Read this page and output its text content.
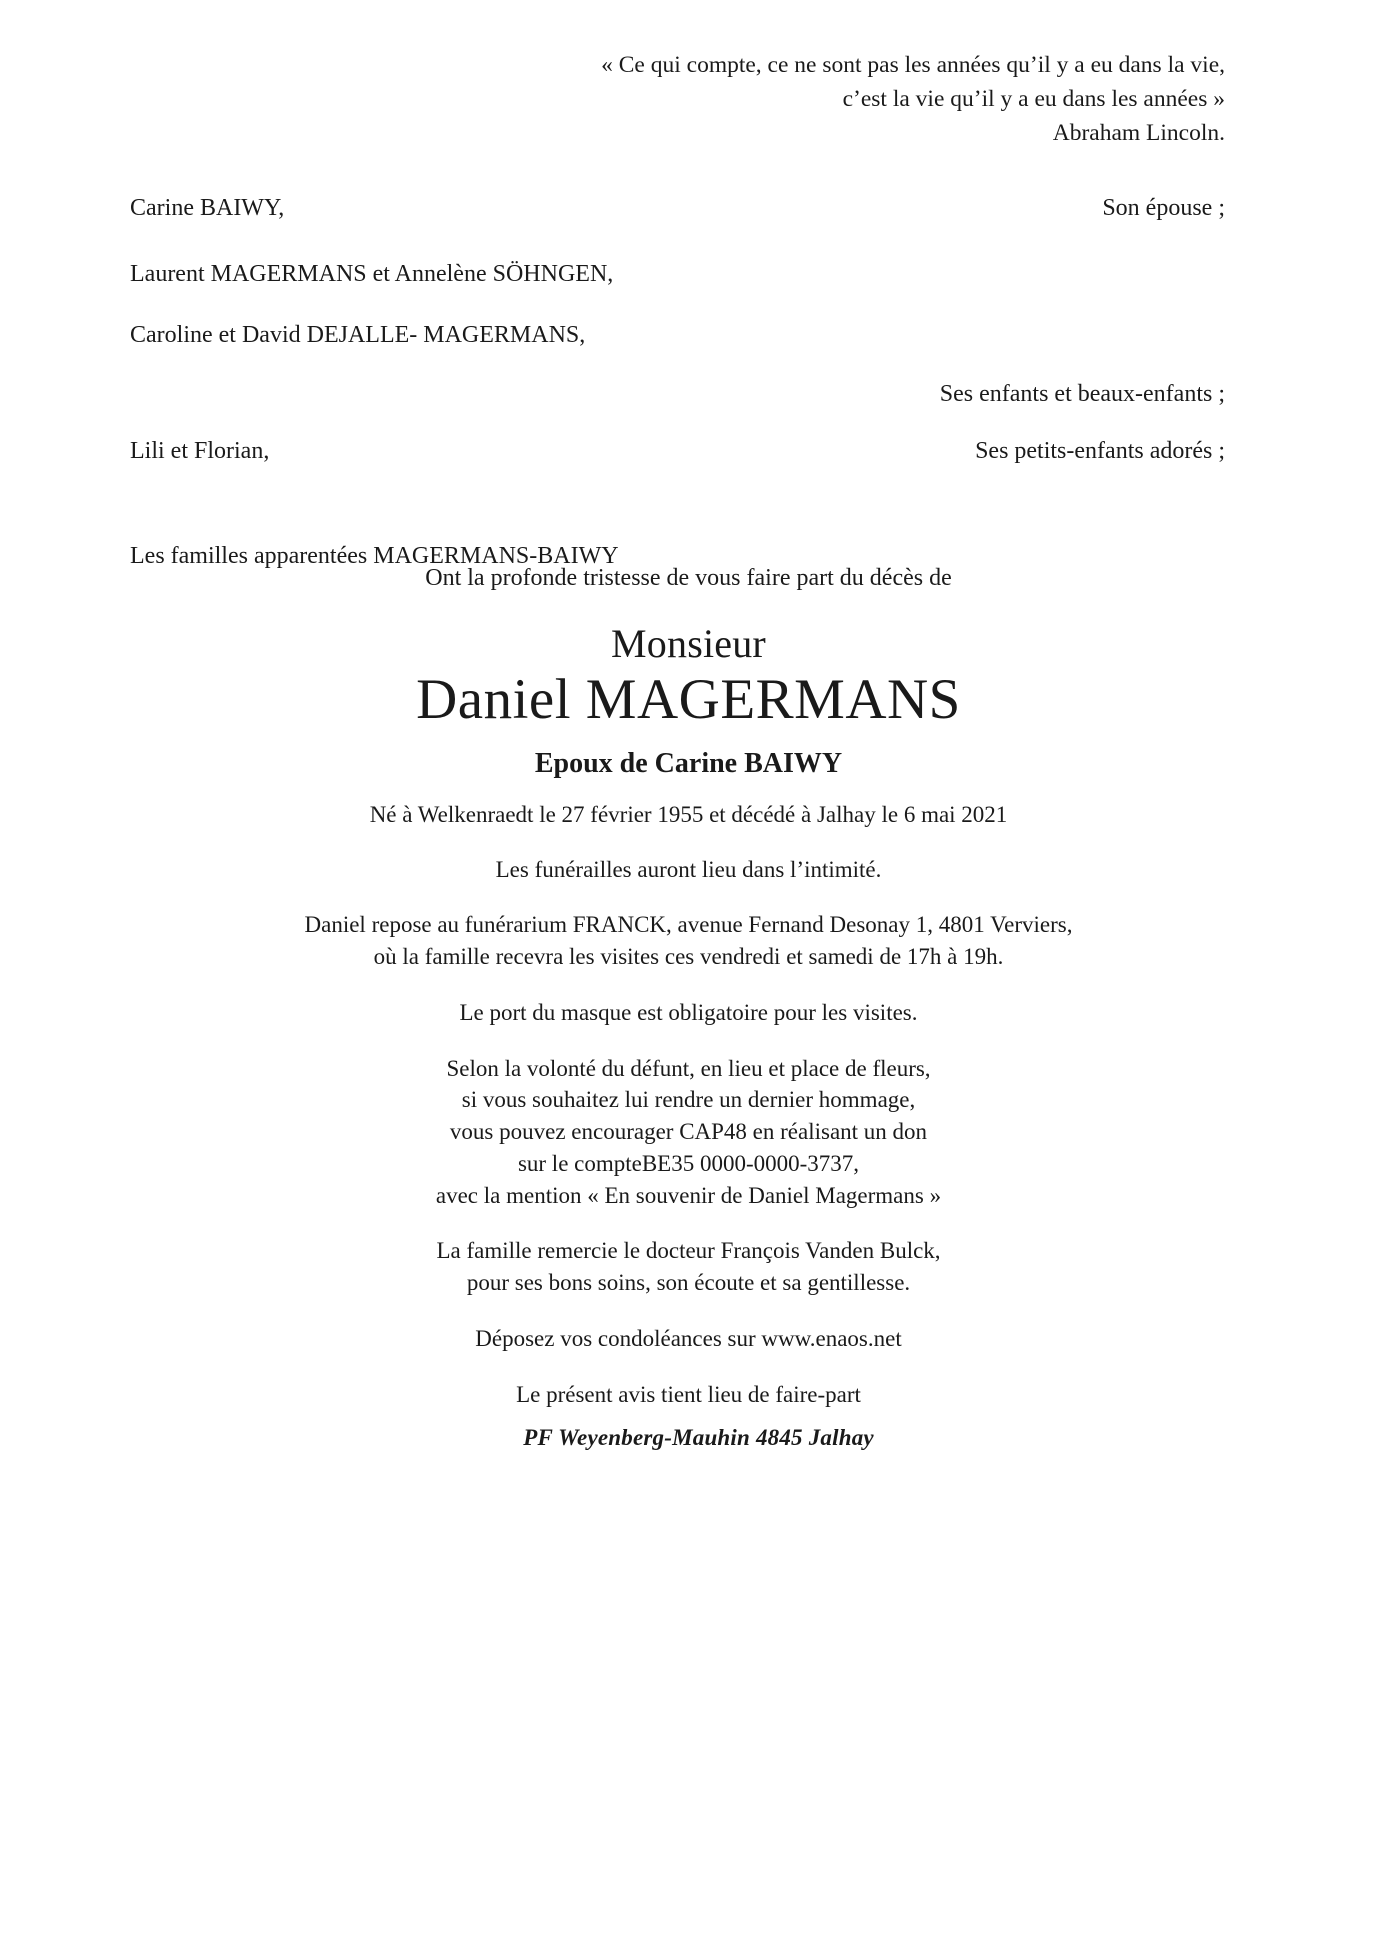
« Ce qui compte, ce ne sont pas les années qu’il y a eu dans la vie,
c’est la vie qu’il y a eu dans les années »
Abraham Lincoln.
Carine BAIWY,	Son épouse ;
Laurent MAGERMANS et Annelène SÖHNGEN,
Caroline et David DEJALLE- MAGERMANS,
Ses enfants et beaux-enfants ;
Lili et Florian,	Ses petits-enfants adorés ;
Les familles apparentées MAGERMANS-BAIWY

Ont la profonde tristesse de vous faire part du décès de

Monsieur

Daniel MAGERMANS

Epoux de Carine BAIWY

Né à Welkenraedt le 27 février 1955 et décédé à Jalhay le 6 mai 2021

Les funérailles auront lieu dans l’intimité.

Daniel repose au funérarium FRANCK, avenue Fernand Desonay 1, 4801 Verviers,
où la famille recevra les visites ces vendredi et samedi de 17h à 19h.

Le port du masque est obligatoire pour les visites.

Selon la volonté du défunt, en lieu et place de fleurs,
si vous souhaitez lui rendre un dernier hommage,
vous pouvez encourager CAP48 en réalisant un don
sur le compteBE35 0000-0000-3737,
avec la mention « En souvenir de Daniel Magermans »

La famille remercie le docteur François Vanden Bulck,
pour ses bons soins, son écoute et sa gentillesse.

Déposez vos condoléances sur www.enaos.net

Le présent avis tient lieu de faire-part

PF Weyenberg-Mauhin 4845 Jalhay
